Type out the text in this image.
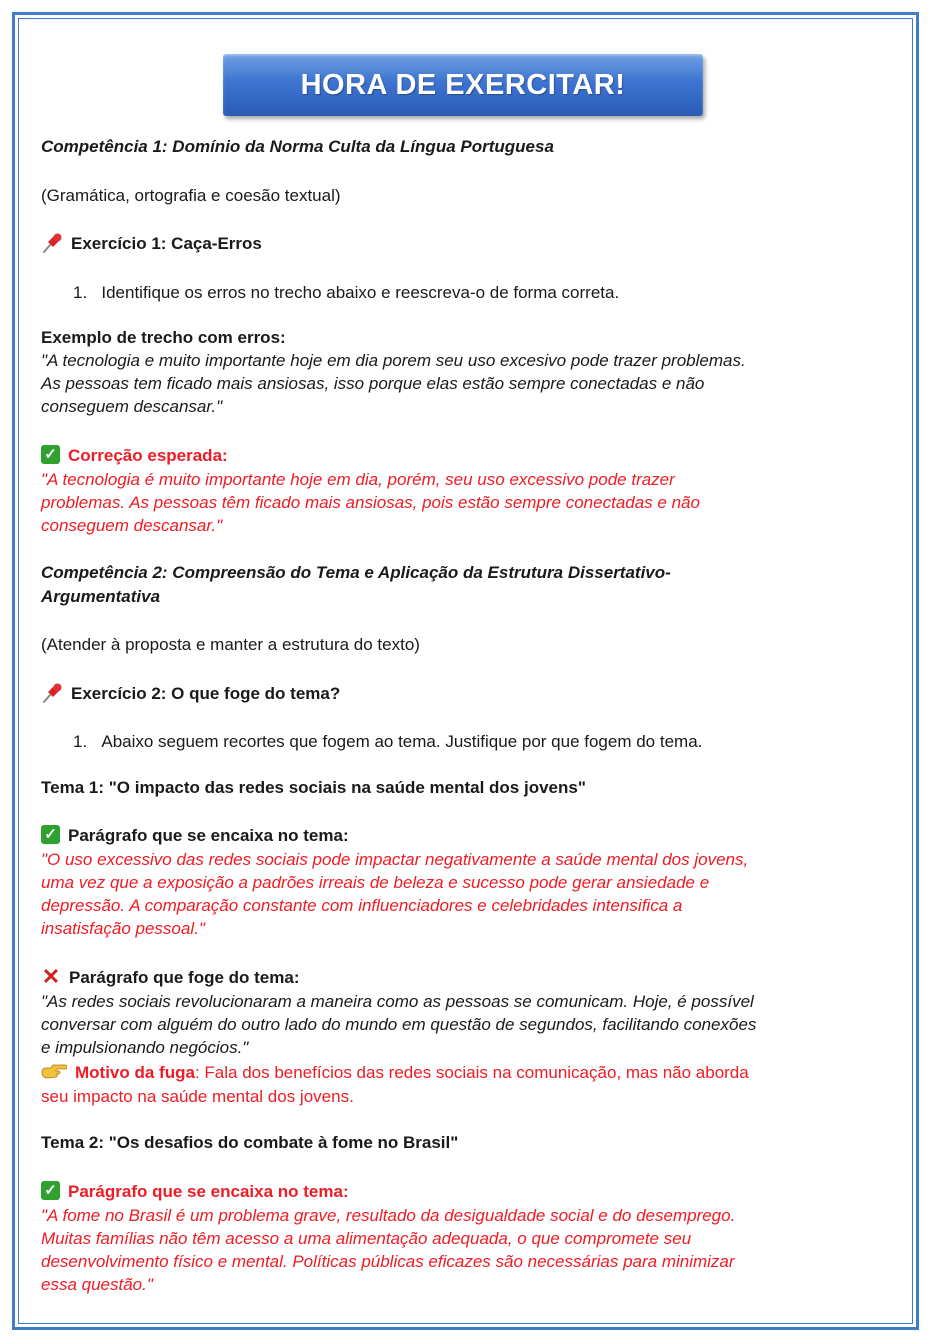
HORA DE EXERCITAR!
Competência 1: Domínio da Norma Culta da Língua Portuguesa
(Gramática, ortografia e coesão textual)
Exercício 1: Caça-Erros
1. Identifique os erros no trecho abaixo e reescreva-o de forma correta.
Exemplo de trecho com erros:
"A tecnologia e muito importante hoje em dia porem seu uso excesivo pode trazer problemas.
As pessoas tem ficado mais ansiosas, isso porque elas estão sempre conectadas e não
conseguem descansar."
✓ Correção esperada:
"A tecnologia é muito importante hoje em dia, porém, seu uso excessivo pode trazer
problemas. As pessoas têm ficado mais ansiosas, pois estão sempre conectadas e não
conseguem descansar."
Competência 2: Compreensão do Tema e Aplicação da Estrutura Dissertativo-
Argumentativa
(Atender à proposta e manter a estrutura do texto)
Exercício 2: O que foge do tema?
1. Abaixo seguem recortes que fogem ao tema. Justifique por que fogem do tema.
Tema 1: "O impacto das redes sociais na saúde mental dos jovens"
✓ Parágrafo que se encaixa no tema:
"O uso excessivo das redes sociais pode impactar negativamente a saúde mental dos jovens,
uma vez que a exposição a padrões irreais de beleza e sucesso pode gerar ansiedade e
depressão. A comparação constante com influenciadores e celebridades intensifica a
insatisfação pessoal."
✕ Parágrafo que foge do tema:
"As redes sociais revolucionaram a maneira como as pessoas se comunicam. Hoje, é possível
conversar com alguém do outro lado do mundo em questão de segundos, facilitando conexões
e impulsionando negócios."
Motivo da fuga: Fala dos benefícios das redes sociais na comunicação, mas não aborda
seu impacto na saúde mental dos jovens.
Tema 2: "Os desafios do combate à fome no Brasil"
✓ Parágrafo que se encaixa no tema:
"A fome no Brasil é um problema grave, resultado da desigualdade social e do desemprego.
Muitas famílias não têm acesso a uma alimentação adequada, o que compromete seu
desenvolvimento físico e mental. Políticas públicas eficazes são necessárias para minimizar
essa questão."
